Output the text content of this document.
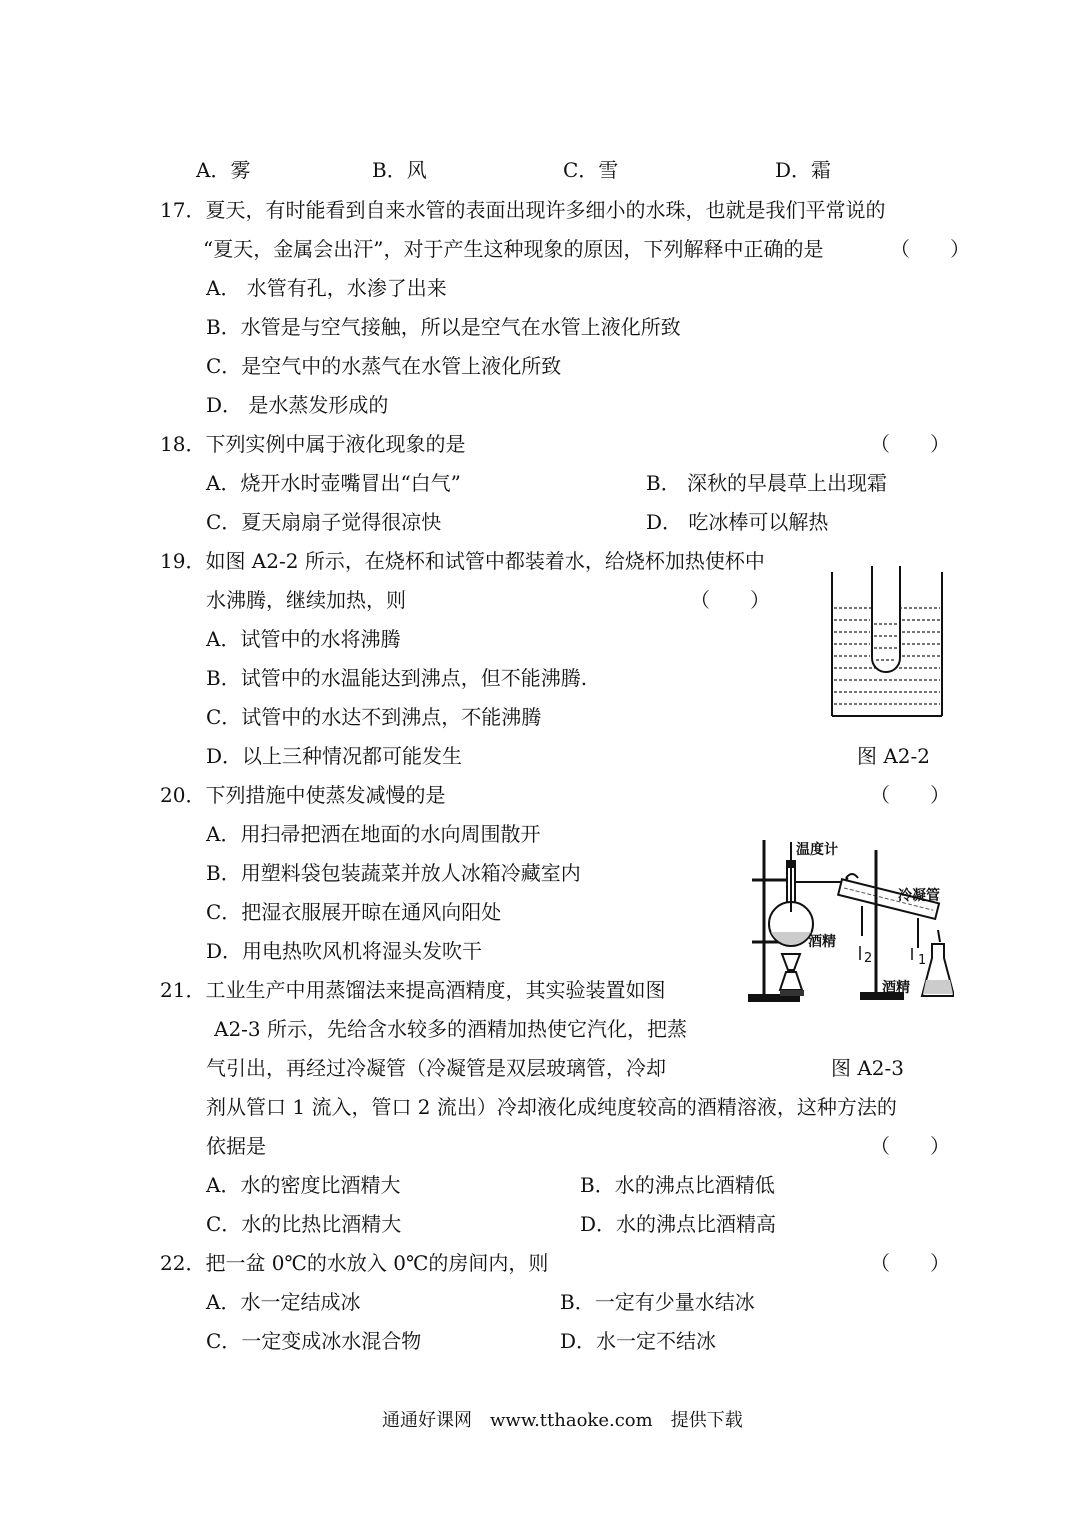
A．雾	B．风	C．雪	D．霜
17．夏天，有时能看到自来水管的表面出现许多细小的水珠，也就是我们平常说的
“夏天，金属会出汗”，对于产生这种现象的原因，下列解释中正确的是	（　　）
A． 水管有孔，水渗了出来
B．水管是与空气接触，所以是空气在水管上液化所致
C．是空气中的水蒸气在水管上液化所致
D． 是水蒸发形成的
18．下列实例中属于液化现象的是	（　　）
A．烧开水时壶嘴冒出“白气”	B． 深秋的早晨草上出现霜
C．夏天扇扇子觉得很凉快	D． 吃冰棒可以解热
19．如图 A2-2 所示，在烧杯和试管中都装着水，给烧杯加热使杯中
水沸腾，继续加热，则	（　　）
A．试管中的水将沸腾
B．试管中的水温能达到沸点，但不能沸腾.
C．试管中的水达不到沸点，不能沸腾
D．以上三种情况都可能发生	图 A2-2
20．下列措施中使蒸发减慢的是	（　　）
A．用扫帚把洒在地面的水向周围散开
B．用塑料袋包装蔬菜并放人冰箱冷藏室内
C．把湿衣服展开晾在通风向阳处
D．用电热吹风机将湿头发吹干
温度计
冷凝管
酒精
酒精
1
2
21．工业生产中用蒸馏法来提高酒精度，其实验装置如图
A2-3 所示，先给含水较多的酒精加热使它汽化，把蒸
气引出，再经过冷凝管（冷凝管是双层玻璃管，冷却	图 A2-3
剂从管口 1 流入，管口 2 流出）冷却液化成纯度较高的酒精溶液，这种方法的
依据是	（　　）
A．水的密度比酒精大	B．水的沸点比酒精低
C．水的比热比酒精大	D．水的沸点比酒精高
22．把一盆 0℃的水放入 0℃的房间内，则	（　　）
A．水一定结成冰	B．一定有少量水结冰
C．一定变成冰水混合物	D．水一定不结冰
通通好课网　www.tthaoke.com　提供下载
